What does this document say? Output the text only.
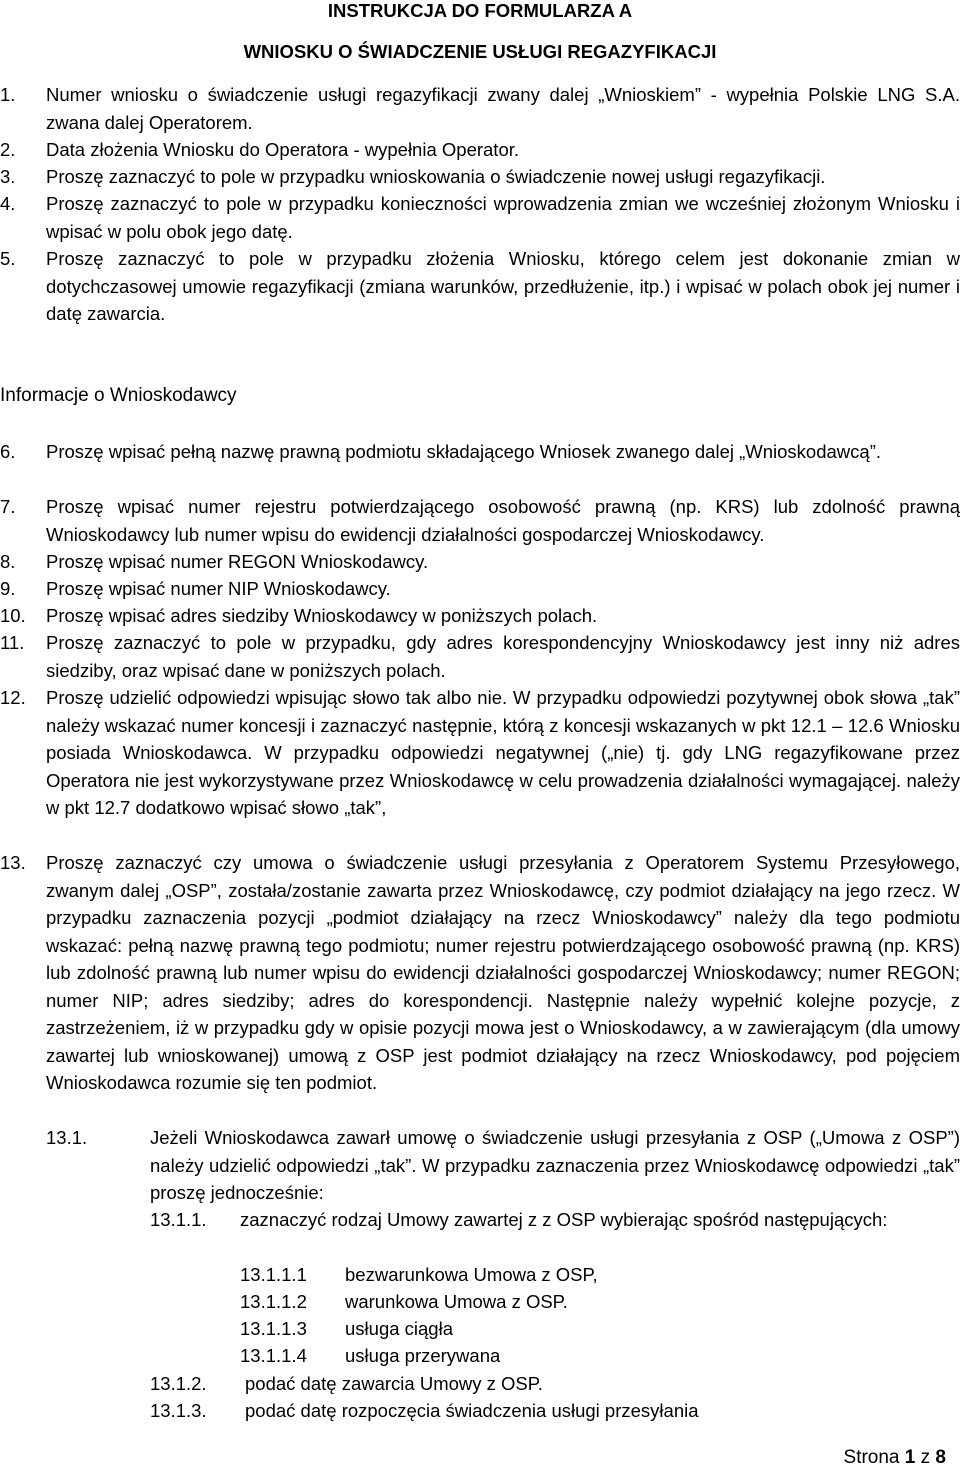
INSTRUKCJA DO FORMULARZA A
WNIOSKU O ŚWIADCZENIE USŁUGI REGAZYFIKACJI
1. Numer wniosku o świadczenie usługi regazyfikacji zwany dalej „Wnioskiem” - wypełnia Polskie LNG S.A. zwana dalej Operatorem.
2. Data złożenia Wniosku do Operatora - wypełnia Operator.
3. Proszę zaznaczyć to pole w przypadku wnioskowania o świadczenie nowej usługi regazyfikacji.
4. Proszę zaznaczyć to pole w przypadku konieczności wprowadzenia zmian we wcześniej złożonym Wniosku i wpisać w polu obok jego datę.
5. Proszę zaznaczyć to pole w przypadku złożenia Wniosku, którego celem jest dokonanie zmian w dotychczasowej umowie regazyfikacji (zmiana warunków, przedłużenie, itp.) i wpisać w polach obok jej numer i datę zawarcia.
Informacje o Wnioskodawcy
6. Proszę wpisać pełną nazwę prawną podmiotu składającego Wniosek zwanego dalej „Wnioskodawcą”.
7. Proszę wpisać numer rejestru potwierdzającego osobowość prawną (np. KRS) lub zdolność prawną Wnioskodawcy lub numer wpisu do ewidencji działalności gospodarczej Wnioskodawcy.
8. Proszę wpisać numer REGON Wnioskodawcy.
9. Proszę wpisać numer NIP Wnioskodawcy.
10. Proszę wpisać adres siedziby Wnioskodawcy w poniższych polach.
11. Proszę zaznaczyć to pole w przypadku, gdy adres korespondencyjny Wnioskodawcy jest inny niż adres siedziby, oraz wpisać dane w poniższych polach.
12. Proszę udzielić odpowiedzi wpisując słowo tak albo nie. W przypadku odpowiedzi pozytywnej obok słowa „tak” należy wskazać numer koncesji i zaznaczyć następnie, którą z koncesji wskazanych w pkt 12.1 – 12.6 Wniosku posiada Wnioskodawca. W przypadku odpowiedzi negatywnej („nie) tj. gdy LNG regazyfikowane przez Operatora nie jest wykorzystywane przez Wnioskodawcę w celu prowadzenia działalności wymagającej. należy w pkt 12.7 dodatkowo wpisać słowo „tak”,
13. Proszę zaznaczyć czy umowa o świadczenie usługi przesyłania z Operatorem Systemu Przesyłowego, zwanym dalej „OSP”, została/zostanie zawarta przez Wnioskodawcę, czy podmiot działający na jego rzecz. W przypadku zaznaczenia pozycji „podmiot działający na rzecz Wnioskodawcy” należy dla tego podmiotu wskazać: pełną nazwę prawną tego podmiotu; numer rejestru potwierdzającego osobowość prawną (np. KRS) lub zdolność prawną lub numer wpisu do ewidencji działalności gospodarczej Wnioskodawcy; numer REGON; numer NIP; adres siedziby; adres do korespondencji. Następnie należy wypełnić kolejne pozycje, z zastrzeżeniem, iż w przypadku gdy w opisie pozycji mowa jest o Wnioskodawcy, a w zawierającym (dla umowy zawartej lub wnioskowanej) umową z OSP jest podmiot działający na rzecz Wnioskodawcy, pod pojęciem Wnioskodawca rozumie się ten podmiot.
13.1.	Jeżeli Wnioskodawca zawarł umowę o świadczenie usługi przesyłania z OSP („Umowa z OSP”) należy udzielić odpowiedzi „tak”. W przypadku zaznaczenia przez Wnioskodawcę odpowiedzi „tak” proszę jednocześnie:
13.1.1. zaznaczyć rodzaj Umowy zawartej z z OSP wybierając spośród następujących:
13.1.1.1 bezwarunkowa Umowa z OSP,
13.1.1.2 warunkowa Umowa z OSP.
13.1.1.3 usługa ciągła
13.1.1.4 usługa przerywana
13.1.2. podać datę zawarcia Umowy z OSP.
13.1.3. podać datę rozpoczęcia świadczenia usługi przesyłania
Strona 1 z 8
